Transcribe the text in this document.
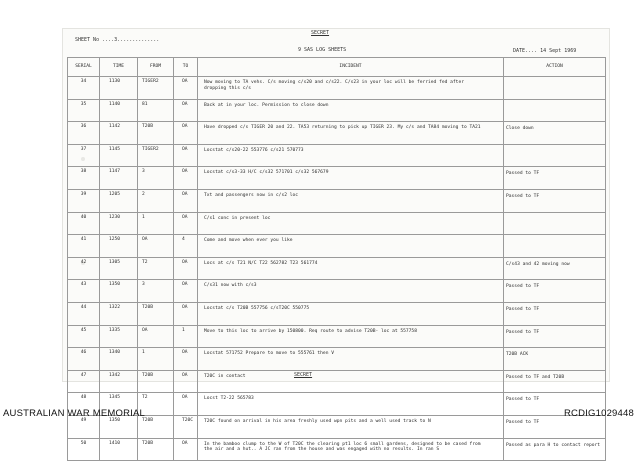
SECRET
SHEET No ....3..............
9 SAS LOG SHEETS	DATE.... 14 Sept 1969
SERIAL	TIME	FROM	TO	INCIDENT	ACTION
34	1130	TIGER2	OA	Now moving to TA vehs. C/s moving c/s20 and c/s22. C/s23 in your loc will be ferried fed after
dropping this c/s	

35	1140	81	OA	Back at in your loc. Permission to close down	

36	1142	T20B	OA	Have dropped c/s TIGER 20 and 22. TA53 returning to pick up TIGER 23. My c/s and TA84 moving to TA21	Close down
37	1145	TIGER2	OA	Locstat c/s20-22 553776 c/s21 570773	

38	1147	3	OA	Locstat c/s3-33 H/C c/s32 571701 c/s32 567679	Passed to TF
39	1205	2	OA	Txt and passengers now in c/s2 loc	Passed to TF
40	1230	1	OA	C/s1 conc in present loc	

41	1250	OA	4	Come and move when ever you like	

42	1305	T2	OA	Locs at c/s T21 N/C T22 562782 T23 561774	C/s43 and 42 moving now
43	1350	3	OA	C/s31 now with c/s3	Passed to TF
44	1322	T20B	OA	Locstat c/s T20B 557756 c/sT20C 550775	Passed to TF
45	1335	OA	1	Move to this loc to arrive by 150800. Req route to advise T20B- loc at 557758	Passed to TF
46	1340	1	OA	Locstat 571752 Prepare to move to 555761 then V	T20B ACK
47	1342	T20B	OA	T20C in contact	Passed to TF and T20B
48	1345	T2	OA	Locst T2-22 565783	Passed to TF
49	1350	T20B	T20C	T20C found on arrival in his area freshly used wpn pits and a well used track to N	Passed to TF
50	1410	T20B	OA	In the bamboo clump to the W of T20C the clearing pt1 loc 6 small gardens, designed to be cased from
the air and a hut.. A JC ran from the house and was engaged with no results. In ran S	Passed as para H to contact report
SECRET
AUSTRALIAN WAR MEMORIAL	RCDIG1029448
